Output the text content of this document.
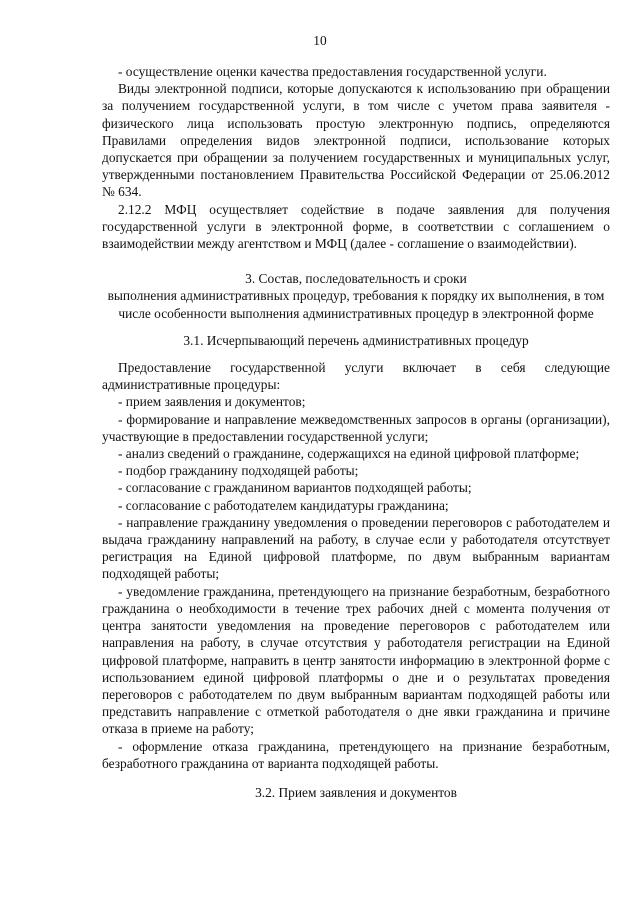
10

- осуществление оценки качества предоставления государственной услуги.

Виды электронной подписи, которые допускаются к использованию при обращении за получением государственной услуги, в том числе с учетом права заявителя - физического лица использовать простую электронную подпись, определяются Правилами определения видов электронной подписи, использование которых допускается при обращении за получением государственных и муниципальных услуг, утвержденными постановлением Правительства Российской Федерации от 25.06.2012 № 634.

2.12.2 МФЦ осуществляет содействие в подаче заявления для получения государственной услуги в электронной форме, в соответствии с соглашением о взаимодействии между агентством и МФЦ (далее - соглашение о взаимодействии).

3. Состав, последовательность и сроки

выполнения административных процедур, требования к порядку их выполнения, в том числе особенности выполнения административных процедур в электронной форме

3.1. Исчерпывающий перечень административных процедур

Предоставление государственной услуги включает в себя следующие административные процедуры:

- прием заявления и документов;

- формирование и направление межведомственных запросов в органы (организации), участвующие в предоставлении государственной услуги;

- анализ сведений о гражданине, содержащихся на единой цифровой платформе;

- подбор гражданину подходящей работы;

- согласование с гражданином вариантов подходящей работы;

- согласование с работодателем кандидатуры гражданина;

- направление гражданину уведомления о проведении переговоров с работодателем и выдача гражданину направлений на работу, в случае если у работодателя отсутствует регистрация на Единой цифровой платформе, по двум выбранным вариантам подходящей работы;

- уведомление гражданина, претендующего на признание безработным, безработного гражданина о необходимости в течение трех рабочих дней с момента получения от центра занятости уведомления на проведение переговоров с работодателем или направления на работу, в случае отсутствия у работодателя регистрации на Единой цифровой платформе, направить в центр занятости информацию в электронной форме с использованием единой цифровой платформы о дне и о результатах проведения переговоров с работодателем по двум выбранным вариантам подходящей работы или представить направление с отметкой работодателя о дне явки гражданина и причине отказа в приеме на работу;

- оформление отказа гражданина, претендующего на признание безработным, безработного гражданина от варианта подходящей работы.

3.2. Прием заявления и документов
